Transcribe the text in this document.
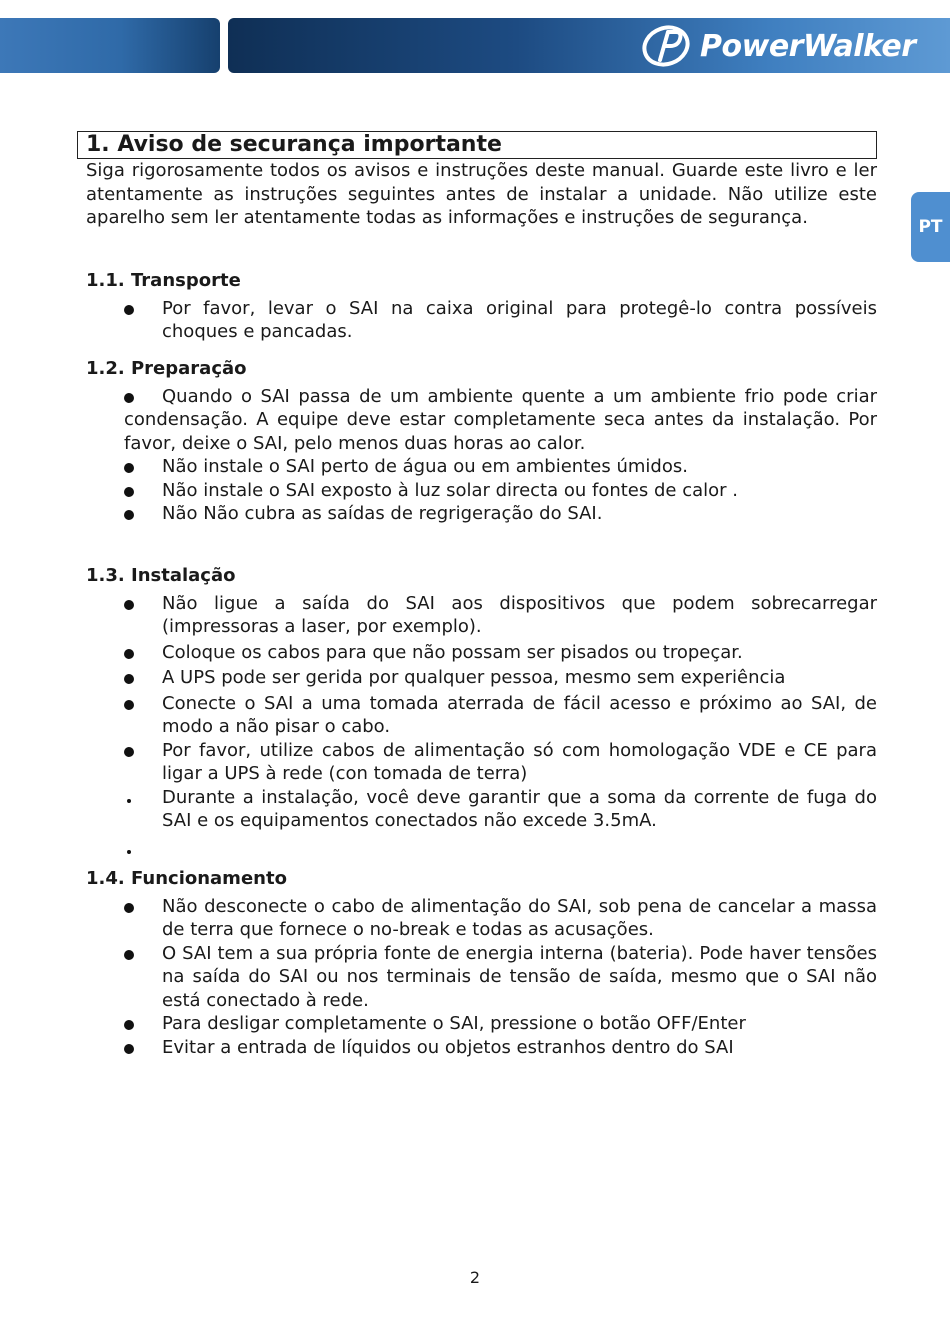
PowerWalker
PT
1. Aviso de securança importante

Siga rigorosamente todos os avisos e instruções deste manual. Guarde este livro e ler atentamente as instruções seguintes antes de instalar a unidade. Não utilize este aparelho sem ler atentamente todas as informações e instruções de segurança.

1.1. Transporte
Por favor, levar o SAI na caixa original para protegê-lo contra possíveis choques e pancadas.
1.2. Preparação
Quando o SAI passa de um ambiente quente a um ambiente frio pode criar condensação. A equipe deve estar completamente seca antes da instalação. Por favor, deixe o SAI, pelo menos duas horas ao calor.
Não instale o SAI perto de água ou em ambientes úmidos.
Não instale o SAI exposto à luz solar directa ou fontes de calor .
Não Não cubra as saídas de regrigeração do SAI.
1.3. Instalação
Não ligue a saída do SAI aos dispositivos que podem sobrecarregar (impressoras a laser, por exemplo).
Coloque os cabos para que não possam ser pisados ou tropeçar.
A UPS pode ser gerida por qualquer pessoa, mesmo sem experiência
Conecte o SAI a uma tomada aterrada de fácil acesso e próximo ao SAI, de modo a não pisar o cabo.
Por favor, utilize cabos de alimentação só com homologação VDE e CE para ligar a UPS à rede (con tomada de terra)
Durante a instalação, você deve garantir que a soma da corrente de fuga do SAI e os equipamentos conectados não excede 3.5mA.
1.4. Funcionamento
Não desconecte o cabo de alimentação do SAI, sob pena de cancelar a massa de terra que fornece o no-break e todas as acusações.
O SAI tem a sua própria fonte de energia interna (bateria). Pode haver tensões na saída do SAI ou nos terminais de tensão de saída, mesmo que o SAI não está conectado à rede.
Para desligar completamente o SAI, pressione o botão OFF/Enter
Evitar a entrada de líquidos ou objetos estranhos dentro do SAI
2
